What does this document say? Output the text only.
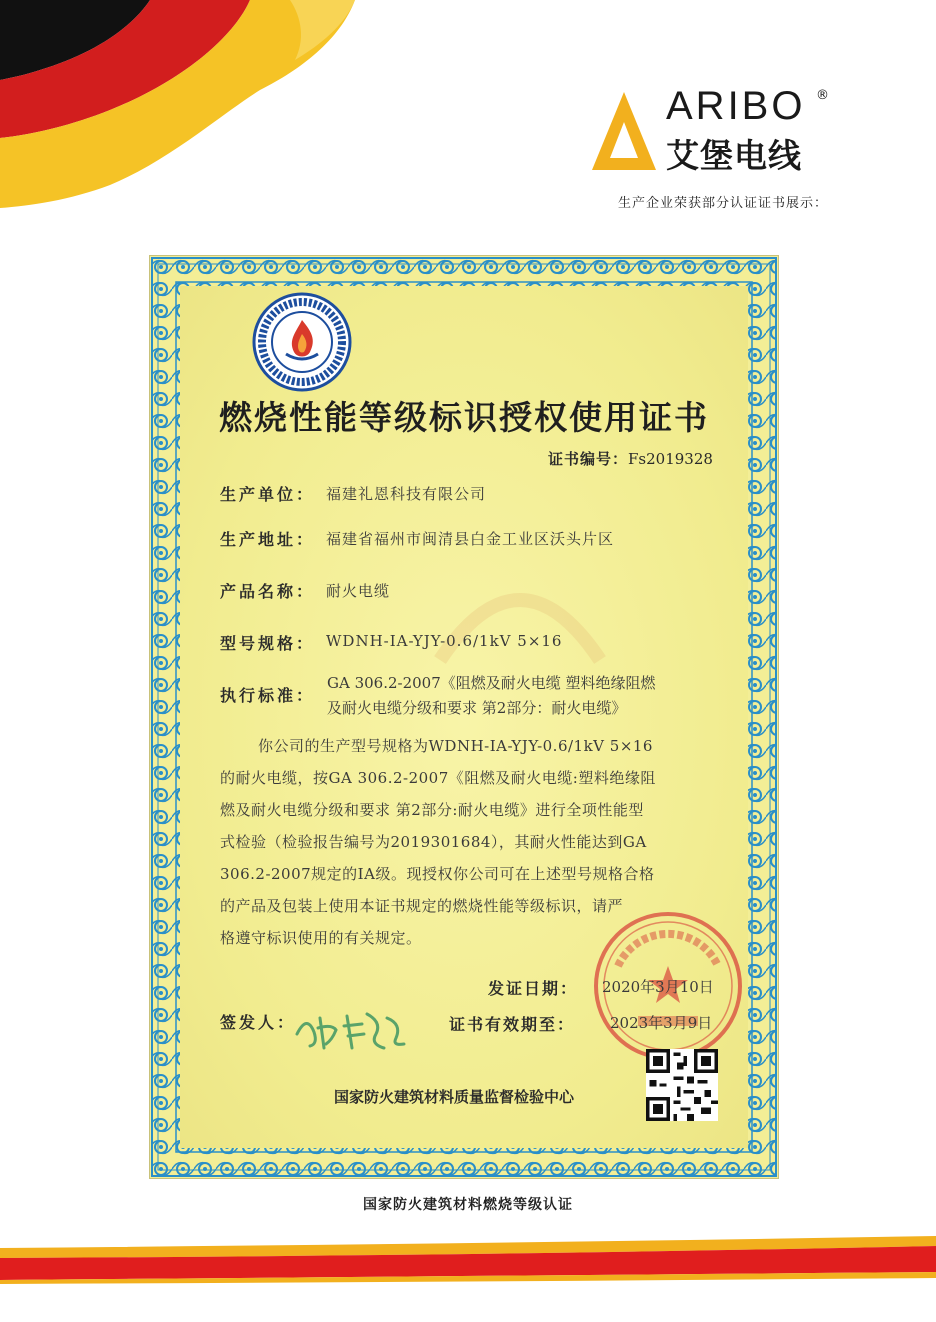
ARIBO ®
艾堡电线
生产企业荣获部分认证证书展示：
燃烧性能等级标识授权使用证书
证书编号：Fs2019328
生产单位： 福建礼恩科技有限公司
生产地址： 福建省福州市闽清县白金工业区沃头片区
产品名称： 耐火电缆
型号规格： WDNH-ⅠA-YJY-0.6/1kV 5×16
执行标准：
GA 306.2-2007《阻燃及耐火电缆 塑料绝缘阻燃
及耐火电缆分级和要求 第2部分：耐火电缆》
你公司的生产型号规格为WDNH-ⅠA-YJY-0.6/1kV 5×16
的耐火电缆，按GA 306.2-2007《阻燃及耐火电缆:塑料绝缘阻
燃及耐火电缆分级和要求 第2部分:耐火电缆》进行全项性能型
式检验（检验报告编号为2019301684），其耐火性能达到GA
306.2-2007规定的ⅠA级。现授权你公司可在上述型号规格合格
的产品及包装上使用本证书规定的燃烧性能等级标识，请严
格遵守标识使用的有关规定。
发证日期： 2020年3月10日
证书有效期至： 2023年3月9日
签发人：
国家防火建筑材料质量监督检验中心
国家防火建筑材料燃烧等级认证
